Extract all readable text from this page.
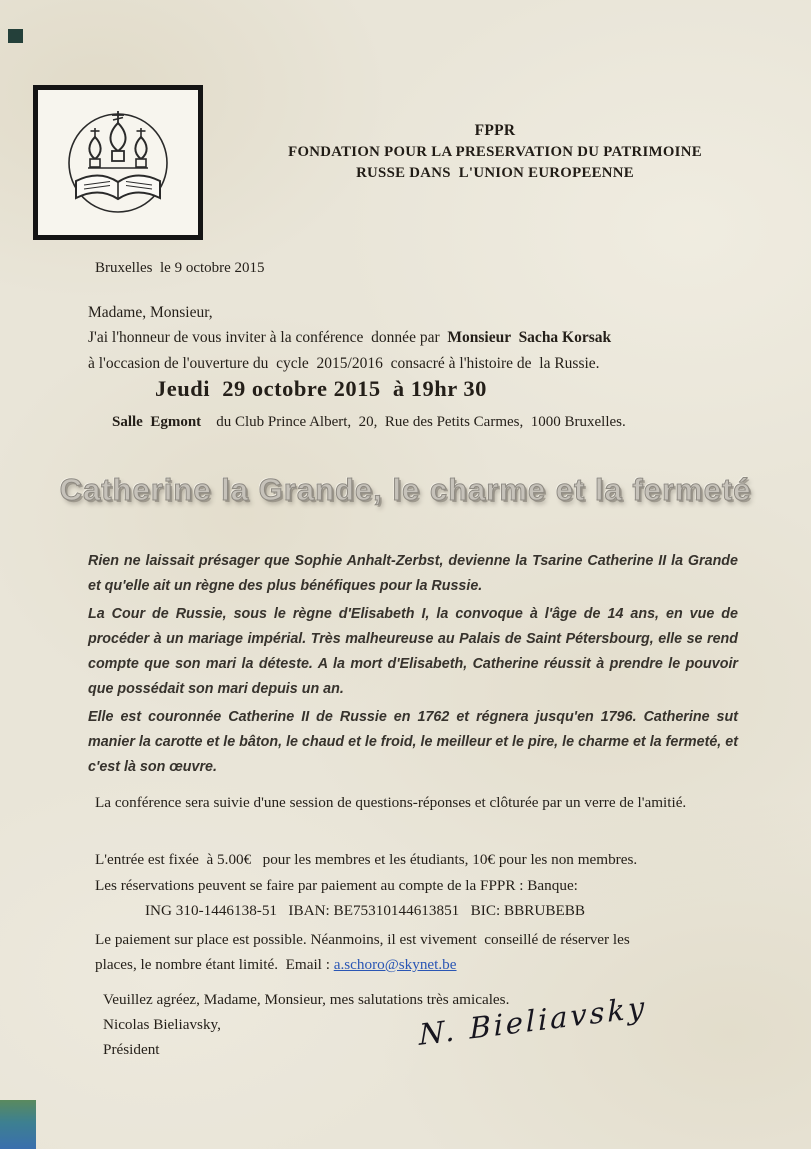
FPPR
FONDATION POUR LA PRESERVATION DU PATRIMOINE
RUSSE DANS  L'UNION EUROPEENNE
Bruxelles  le 9 octobre 2015
Madame, Monsieur,
J'ai l'honneur de vous inviter à la conférence  donnée par  Monsieur  Sacha Korsak
à l'occasion de l'ouverture du  cycle  2015/2016  consacré à l'histoire de  la Russie.
Jeudi  29 octobre 2015  à 19hr 30
Salle  Egmont    du Club Prince Albert,  20,  Rue des Petits Carmes,  1000 Bruxelles.
Catherine la Grande, le charme et la fermeté

Rien ne laissait présager que Sophie Anhalt-Zerbst, devienne la Tsarine Catherine II la Grande et qu'elle ait un règne des plus bénéfiques pour la Russie.

La Cour de Russie, sous le règne d'Elisabeth I, la convoque à l'âge de 14 ans, en vue de procéder à un mariage impérial. Très malheureuse au Palais de Saint Pétersbourg, elle se rend compte que son mari la déteste. A la mort d'Elisabeth, Catherine réussit à prendre le pouvoir que possédait son mari depuis un an.

Elle est couronnée Catherine II de Russie en 1762 et régnera jusqu'en 1796. Catherine sut manier la carotte et le bâton, le chaud et le froid, le meilleur et le pire, le charme et la fermeté, et c'est là son œuvre.

La conférence sera suivie d'une session de questions-réponses et clôturée par un verre de l'amitié.
L'entrée est fixée  à 5.00€   pour les membres et les étudiants, 10€ pour les non membres.
Les réservations peuvent se faire par paiement au compte de la FPPR : Banque:
ING 310-1446138-51   IBAN: BE75310144613851   BIC: BBRUBEBB
Le paiement sur place est possible. Néanmoins, il est vivement  conseillé de réserver les
places, le nombre étant limité.  Email : a.schoro@skynet.be
Veuillez agréez, Madame, Monsieur, mes salutations très amicales.
Nicolas Bieliavsky,
Président	N. Bieliavsky
